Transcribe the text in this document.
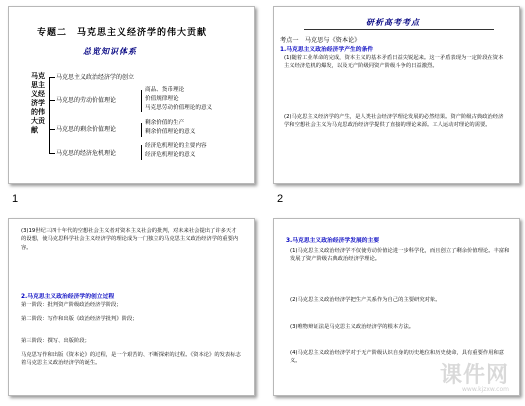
专题二　马克思主义经济学的伟大贡献
总览知识体系
马克思主义经济学的伟大贡献
马克思主义政治经济学的创立
马克思的劳动价值理论
马克思的剩余价值理论
马克思的经济危机理论
商品、货币理论
价值规律理论
马克思劳动价值理论的意义
剩余价值的生产
剩余价值理论的意义
经济危机理论的主要内容
经济危机理论的意义
研析高考考点
考点一　马克思与《资本论》
1.马克思主义政治经济学产生的条件
(1)随着工业革命的完成，资本主义的基本矛盾日益尖锐起来。这一矛盾表现为一定阶段在资本主义经济危机的爆发，以及无产阶级同资产阶级斗争的日益激烈。
(2)马克思主义经济学的产生，是人类社会经济学理论发展的必然结果。资产阶级古典政治经济学和空想社会主义为马克思政治经济学提供了直接的理论来源。工人运动对理论的需要。
1	2
(3)19世纪三四十年代的空想社会主义者对资本主义社会的批判，对未来社会提出了许多天才的设想，使马克思科学社会主义经济学的理论成为一门独立的马克思主义政治经济学的重要内容。
2.马克思主义政治经济学的创立过程
第一阶段：批判资产阶级政治经济学阶段；
第二阶段：写作和出版《政治经济学批判》阶段；
第三阶段：撰写、出版阶段；
马克思写作和出版《资本论》的过程，是一个艰苦的、不断探索的过程。《资本论》的发表标志着马克思主义政治经济学的诞生。
3.马克思主义政治经济学发展的主要
(1)马克思主义政治经济学不仅使劳动价值论进一步科学化，而且创立了剩余价值理论。丰富和发展了资产阶级古典政治经济学理论。
(2)马克思主义政治经济学把生产关系作为自己的主要研究对象。
(3)唯物辩证法是马克思主义政治经济学的根本方法。
(4)马克思主义政治经济学对于无产阶级认识自身的历史地位和历史使命，具有重要作用和意义。
课件网
www.kjzxw.com
